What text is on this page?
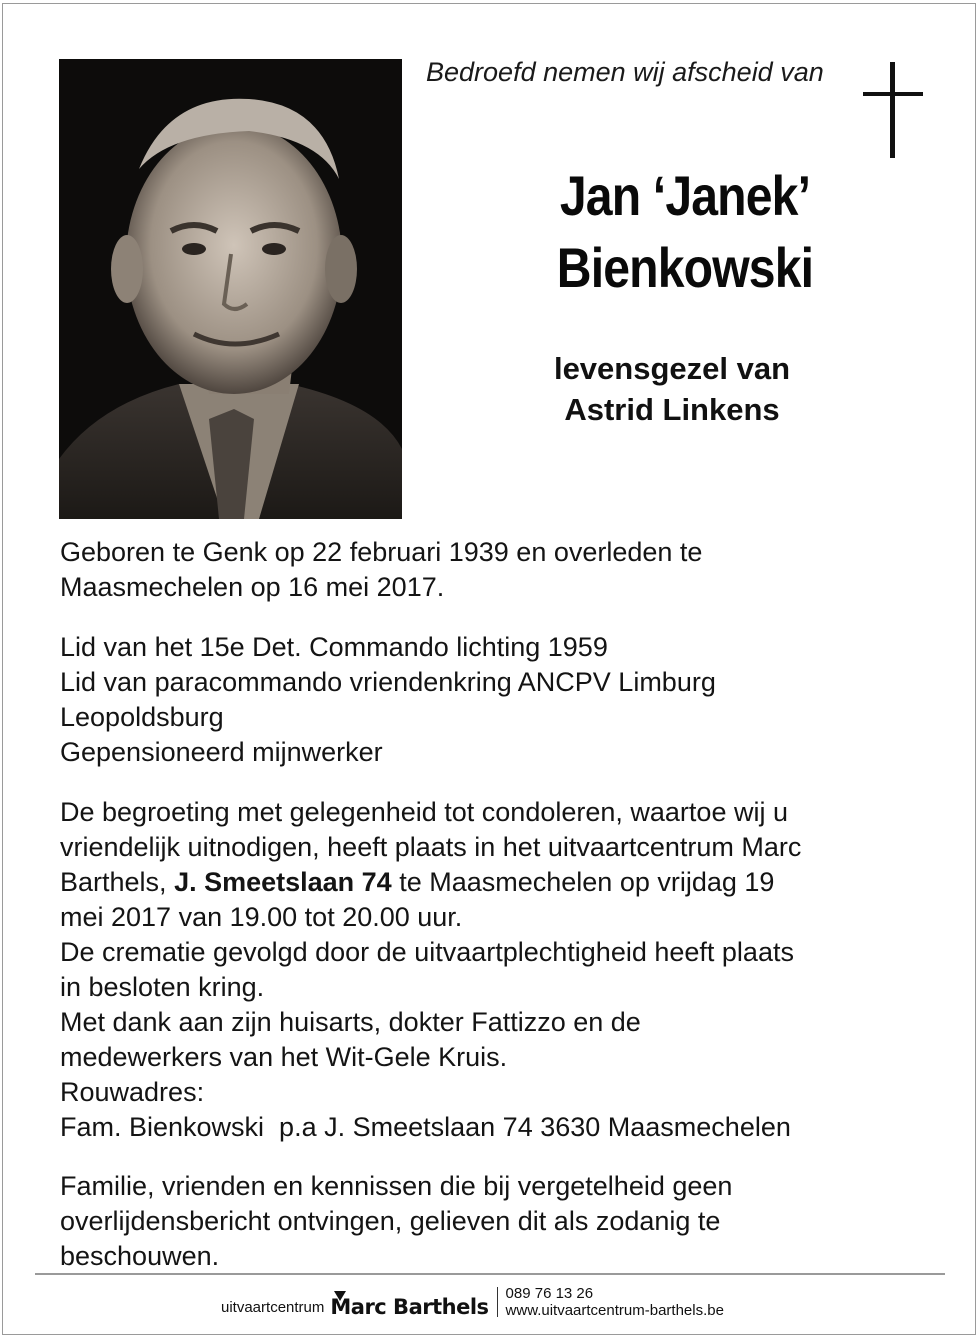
Bedroefd nemen wij afscheid van
Jan ‘Janek’
Bienkowski
levensgezel van
Astrid Linkens

Geboren te Genk op 22 februari 1939 en overleden te

Maasmechelen op 16 mei 2017.

Lid van het 15e Det. Commando lichting 1959

Lid van paracommando vriendenkring ANCPV Limburg

Leopoldsburg

Gepensioneerd mijnwerker

De begroeting met gelegenheid tot condoleren, waartoe wij u

vriendelijk uitnodigen, heeft plaats in het uitvaartcentrum Marc

Barthels, J. Smeetslaan 74 te Maasmechelen op vrijdag 19

mei 2017 van 19.00 tot 20.00 uur.

De crematie gevolgd door de uitvaartplechtigheid heeft plaats

in besloten kring.

Met dank aan zijn huisarts, dokter Fattizzo en de

medewerkers van het Wit-Gele Kruis.

Rouwadres:

Fam. Bienkowski  p.a J. Smeetslaan 74 3630 Maasmechelen

Familie, vrienden en kennissen die bij vergetelheid geen

overlijdensbericht ontvingen, gelieven dit als zodanig te

beschouwen.

uitvaartcentrum Marc Barthels
089 76 13 26
www.uitvaartcentrum-barthels.be
